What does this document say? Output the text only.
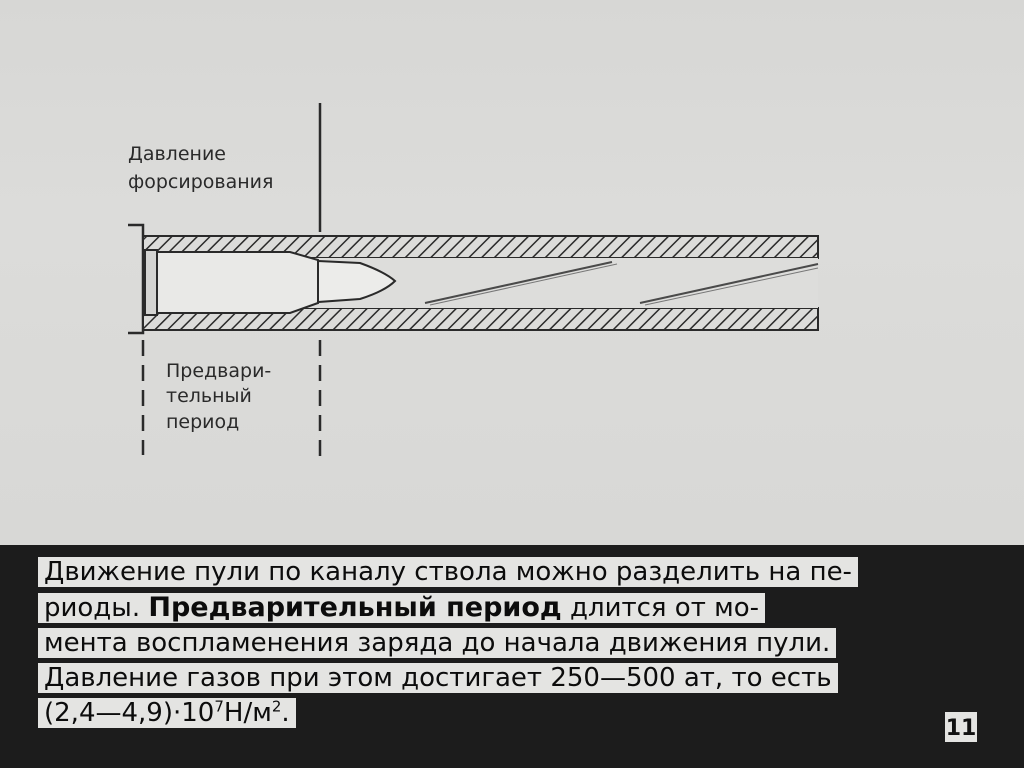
Давление
форсирования
Предвари-
тельный
период
Движение пули по каналу ствола можно разделить на пе-
риоды. Предварительный период длится от мо-
мента воспламенения заряда до начала движения пули.
Давление газов при этом достигает 250—500 ат, то есть
$(2,4—4,9)\cdot 10^7Н/м^2$.
11
